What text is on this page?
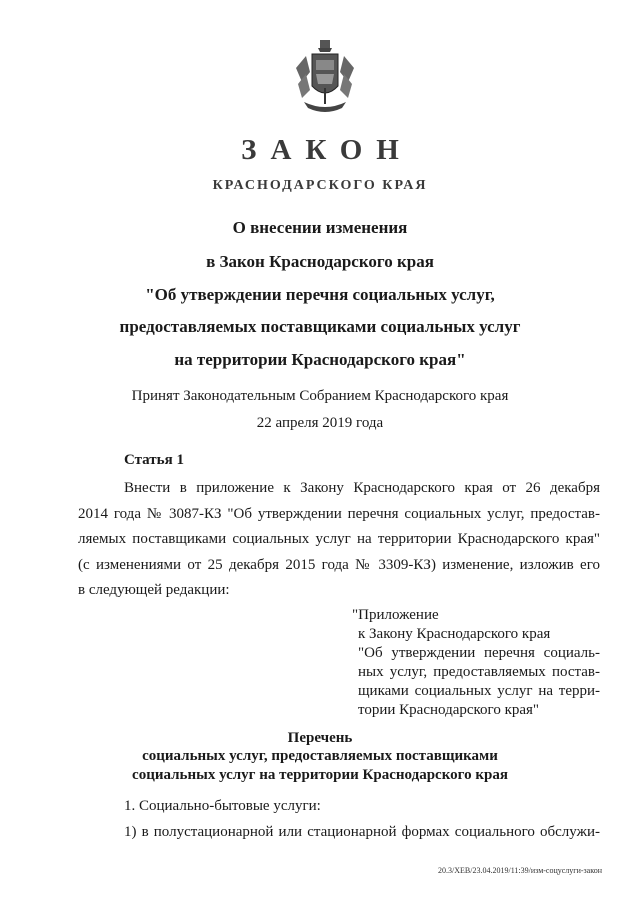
ЗАКОН
КРАСНОДАРСКОГО КРАЯ
О внесении изменения
в Закон Краснодарского края
"Об утверждении перечня социальных услуг,
предоставляемых поставщиками социальных услуг
на территории Краснодарского края"
Принят Законодательным Собранием Краснодарского края
22 апреля 2019 года
Статья 1
Внести в приложение к Закону Краснодарского края от 26 декабря
2014 года № 3087-КЗ "Об утверждении перечня социальных услуг, предостав-
ляемых поставщиками социальных услуг на территории Краснодарского края"
(с изменениями от 25 декабря 2015 года № 3309-КЗ) изменение, изложив его
в следующей редакции:
"Приложение
к Закону Краснодарского края
"Об утверждении перечня социаль-
ных услуг, предоставляемых постав-
щиками социальных услуг на терри-
тории Краснодарского края"
Перечень
социальных услуг, предоставляемых поставщиками
социальных услуг на территории Краснодарского края
1. Социально-бытовые услуги:
1) в полустационарной или стационарной формах социального обслужи-
20.3/ХЕВ/23.04.2019/11:39/изм-соцуслуги-закон
